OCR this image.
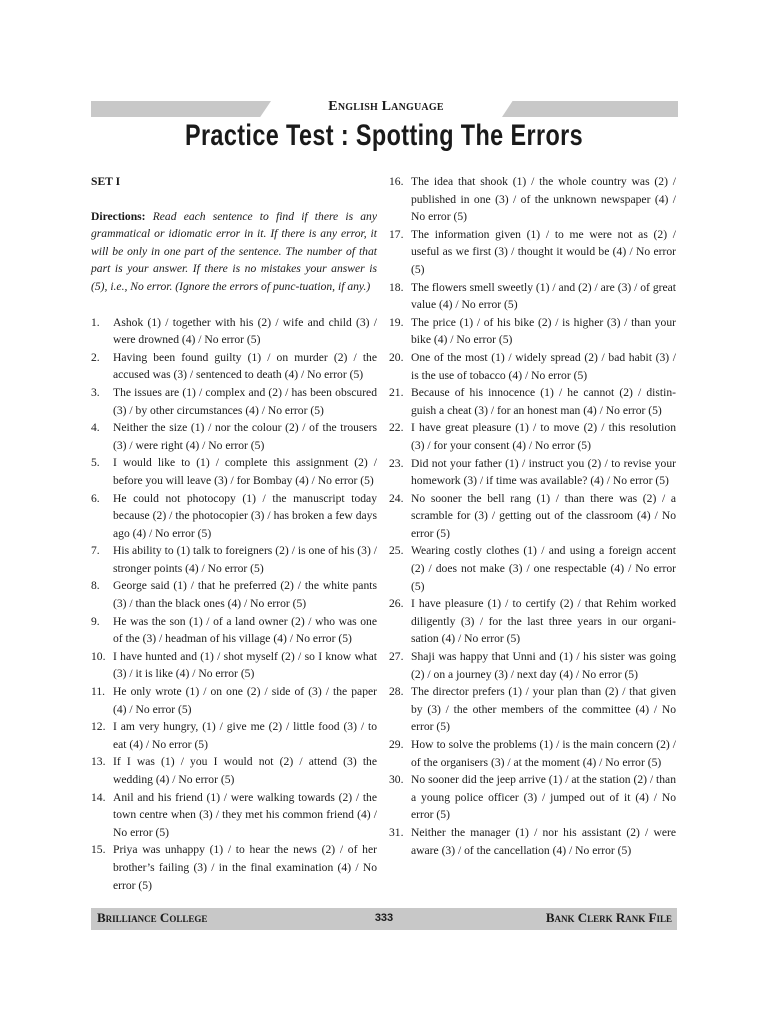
English Language
Practice Test : Spotting The Errors
SET I
Directions: Read each sentence to find if there is any grammatical or idiomatic error in it. If there is any error, it will be only in one part of the sentence. The number of that part is your answer. If there is no mistakes your answer is (5), i.e., No error. (Ignore the errors of punc-tuation, if any.)
1.	Ashok (1) / together with his (2) / wife and child (3) / were drowned (4) / No error (5)
2.	Having been found guilty (1) / on murder (2) / the accused was (3) / sentenced to death (4) / No error (5)
3.	The issues are (1) / complex and (2) / has been obscured (3) / by other circumstances (4) / No error (5)
4.	Neither the size (1) / nor the colour (2) / of the trousers (3) / were right (4) / No error (5)
5.	I would like to (1) / complete this assignment (2) / before you will leave (3) / for Bombay (4) / No error (5)
6.	He could not photocopy (1) / the manuscript today because (2) / the photocopier (3) / has broken a few days ago (4) / No error (5)
7.	His ability to (1) talk to foreigners (2) / is one of his (3) / stronger points (4) / No error (5)
8.	George said (1) / that he preferred (2) / the white pants (3) / than the black ones (4) / No error (5)
9.	He was the son (1) / of a land owner (2) / who was one of the (3) / headman of his village (4) / No error (5)
10. I have hunted and (1) / shot myself (2) / so I know what (3) / it is like (4) / No error (5)
11. He only wrote (1) / on one (2) / side of (3) / the paper (4) / No error (5)
12. I am very hungry, (1) / give me (2) / little food (3) / to eat (4) / No error (5)
13. If I was (1) / you I would not (2) / attend (3) the wedding (4) / No error (5)
14. Anil and his friend (1) / were walking towards (2) / the town centre when (3) / they met his common friend (4) / No error (5)
15. Priya was unhappy (1) / to hear the news (2) / of her brother’s failing (3) / in the final examination (4) / No error (5)
16. The idea that shook (1) / the whole country was (2) / published in one (3) / of the unknown newspaper (4) / No error (5)
17. The information given (1) / to me were not as (2) / useful as we first (3) / thought it would be (4) / No error (5)
18. The flowers smell sweetly (1) / and (2) / are (3) / of great value (4) / No error (5)
19. The price (1) / of his bike (2) / is higher (3) / than your bike (4) / No error (5)
20. One of the most (1) / widely spread (2) / bad habit (3) / is the use of tobacco (4) / No error (5)
21. Because of his innocence (1) / he cannot (2) / distin-guish a cheat (3) / for an honest man (4) / No error (5)
22. I have great pleasure (1) / to move (2) / this resolution (3) / for your consent (4) / No error (5)
23. Did not your father (1) / instruct you (2) / to revise your homework (3) / if time was available? (4) / No error (5)
24. No sooner the bell rang (1) / than there was (2) / a scramble for (3) / getting out of the classroom (4) / No error (5)
25. Wearing costly clothes (1) / and using a foreign accent (2) / does not make (3) / one respectable (4) / No error (5)
26. I have pleasure (1) / to certify (2) / that Rehim worked diligently (3) / for the last three years in our organi-sation (4) / No error (5)
27. Shaji was happy that Unni and (1) / his sister was going (2) / on a journey (3) / next day (4) / No error (5)
28. The director prefers (1) / your plan than (2) / that given by (3) / the other members of the committee (4) / No error (5)
29. How to solve the problems (1) / is the main concern (2) / of the organisers (3) / at the moment (4) / No error (5)
30. No sooner did the jeep arrive (1) / at the station (2) / than a young police officer (3) / jumped out of it (4) / No error (5)
31. Neither the manager (1) / nor his assistant (2) / were aware (3) / of the cancellation (4) / No error (5)
Brilliance College	333	Bank Clerk Rank File
